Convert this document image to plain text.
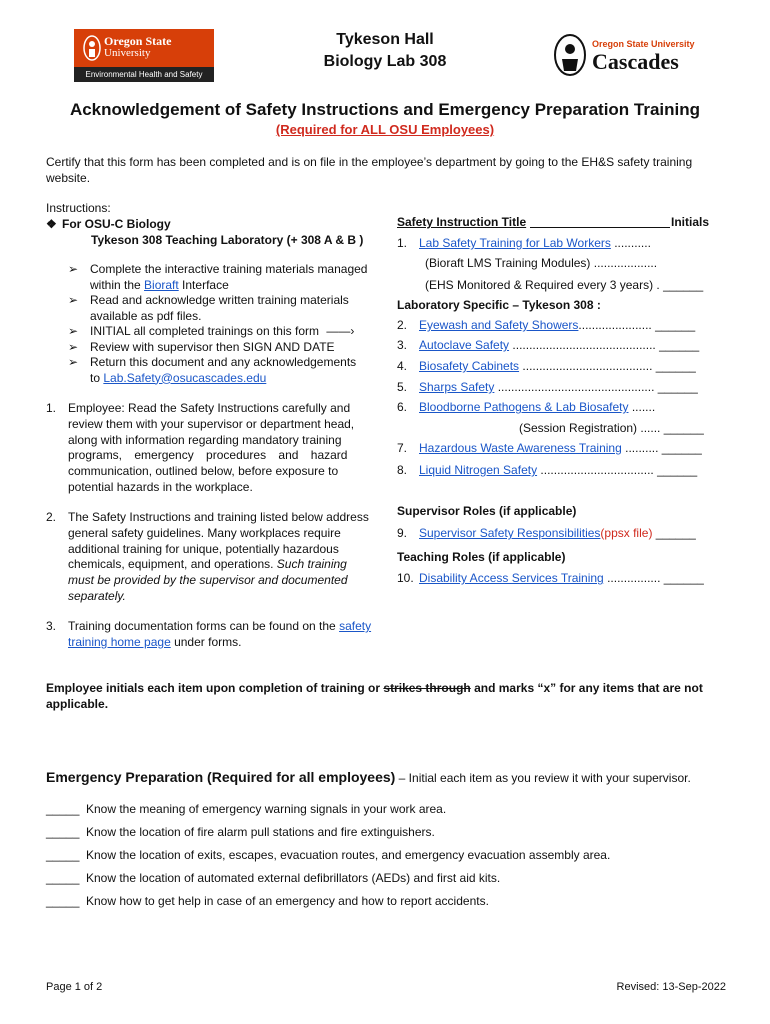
Oregon State
University
Environmental Health and Safety
Oregon State University
Cascades
Tykeson Hall
Biology Lab 308
Acknowledgement of Safety Instructions and Emergency Preparation Training
(Required for ALL OSU Employees)
Certify that this form has been completed and is on file in the employee’s department by going to the EH&S safety training
website.
Instructions:
❖ For OSU-C Biology
Tykeson 308 Teaching Laboratory (+ 308 A & B )
➢ Complete the interactive training materials managed
within the Bioraft Interface
➢ Read and acknowledge written training materials
available as pdf files.
➢ INITIAL all completed trainings on this form ——›
➢ Review with supervisor then SIGN AND DATE
➢ Return this document and any acknowledgements
to Lab.Safety@osucascades.edu
1. Employee: Read the Safety Instructions carefully and
review them with your supervisor or department head,
along with information regarding mandatory training
programs, emergency procedures and hazard
communication, outlined below, before exposure to
potential hazards in the workplace.
2. The Safety Instructions and training listed below address
general safety guidelines. Many workplaces require
additional training for unique, potentially hazardous
chemicals, equipment, and operations. Such training
must be provided by the supervisor and documented
separately.
3. Training documentation forms can be found on the safety
training home page under forms.
Safety Instruction Title	Initials
1. Lab Safety Training for Lab Workers ...........
(Bioraft LMS Training Modules) ...................
(EHS Monitored & Required every 3 years) . ______
Laboratory Specific – Tykeson 308 :
2. Eyewash and Safety Showers...................... ______
3. Autoclave Safety ........................................... ______
4. Biosafety Cabinets ....................................... ______
5. Sharps Safety ............................................... ______
6. Bloodborne Pathogens & Lab Biosafety .......
(Session Registration) ...... ______
7. Hazardous Waste Awareness Training .......... ______
8. Liquid Nitrogen Safety .................................. ______
Supervisor Roles (if applicable)
9. Supervisor Safety Responsibilities(ppsx file) ______
Teaching Roles (if applicable)
10. Disability Access Services Training ................ ______
Employee initials each item upon completion of training or strikes through and marks “x” for any items that are not
applicable.
Emergency Preparation (Required for all employees) – Initial each item as you review it with your supervisor.
_____ Know the meaning of emergency warning signals in your work area.
_____ Know the location of fire alarm pull stations and fire extinguishers.
_____ Know the location of exits, escapes, evacuation routes, and emergency evacuation assembly area.
_____ Know the location of automated external defibrillators (AEDs) and first aid kits.
_____ Know how to get help in case of an emergency and how to report accidents.
Page 1 of 2	Revised: 13-Sep-2022
